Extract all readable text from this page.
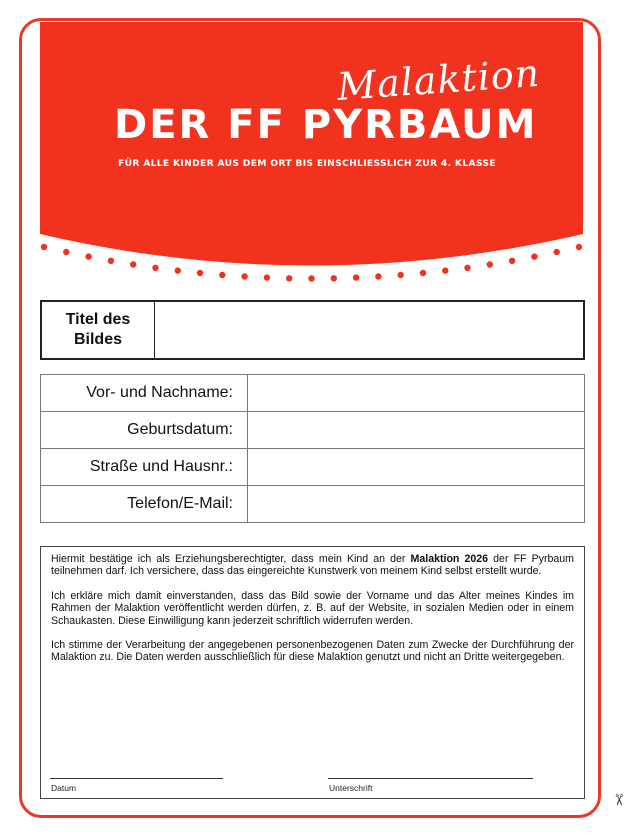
Malaktion
DER FF PYRBAUM
FÜR ALLE KINDER AUS DEM ORT BIS EINSCHLIESSLICH ZUR 4. KLASSE
Titel des Bildes
Vor- und Nachname:	
Geburtsdatum:	
Straße und Hausnr.:	
Telefon/E-Mail:	

Hiermit bestätige ich als Erziehungsberechtigter, dass mein Kind an der Malaktion 2026 der FF Pyrbaum teilnehmen darf. Ich versichere, dass das eingereichte Kunstwerk von meinem Kind selbst erstellt wurde.

Ich erkläre mich damit einverstanden, dass das Bild sowie der Vorname und das Alter meines Kindes im Rahmen der Malaktion veröffentlicht werden dürfen, z. B. auf der Website, in sozialen Medien oder in einem Schaukasten. Diese Einwilligung kann jederzeit schriftlich widerrufen werden.

Ich stimme der Verarbeitung der angegebenen personenbezogenen Daten zum Zwecke der Durchführung der Malaktion zu. Die Daten werden ausschließlich für diese Malaktion genutzt und nicht an Dritte weitergegeben.

Datum	Unterschrift
✂
